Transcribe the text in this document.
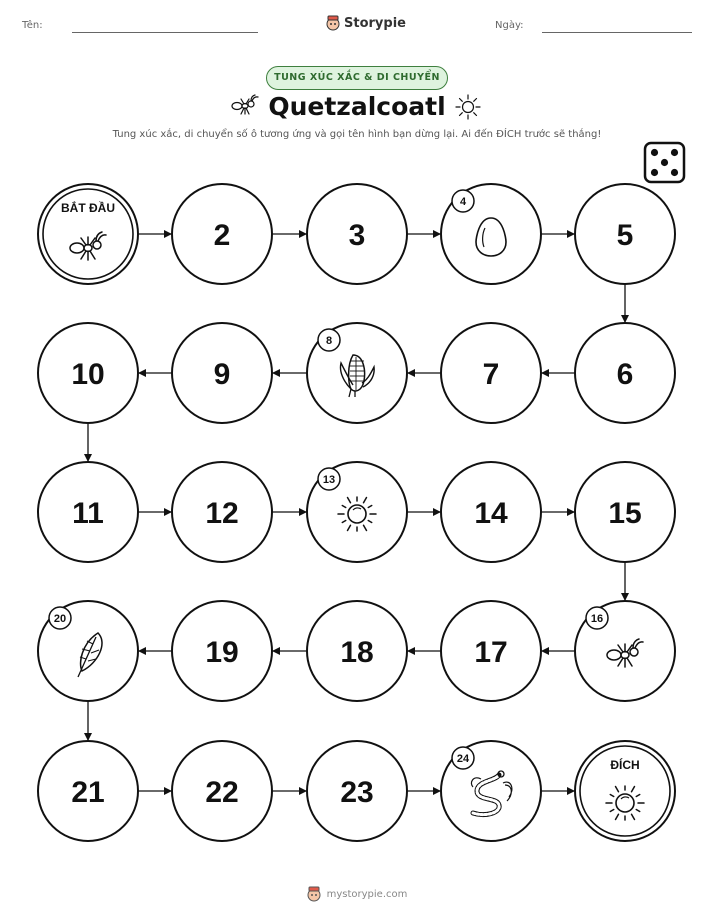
Tên:	Storypie	Ngày:
TUNG XÚC XẮC & DI CHUYỂN
Quetzalcoatl
Tung xúc xắc, di chuyển số ô tương ứng và gọi tên hình bạn dừng lại. Ai đến ĐÍCH trước sẽ thắng!
BẮT ĐẦU
2	3
4
5
6
7
8
9
10
11	12
13
14	15
16
17
18
19
20
21	22	23
24	ĐÍCH
mystorypie.com
